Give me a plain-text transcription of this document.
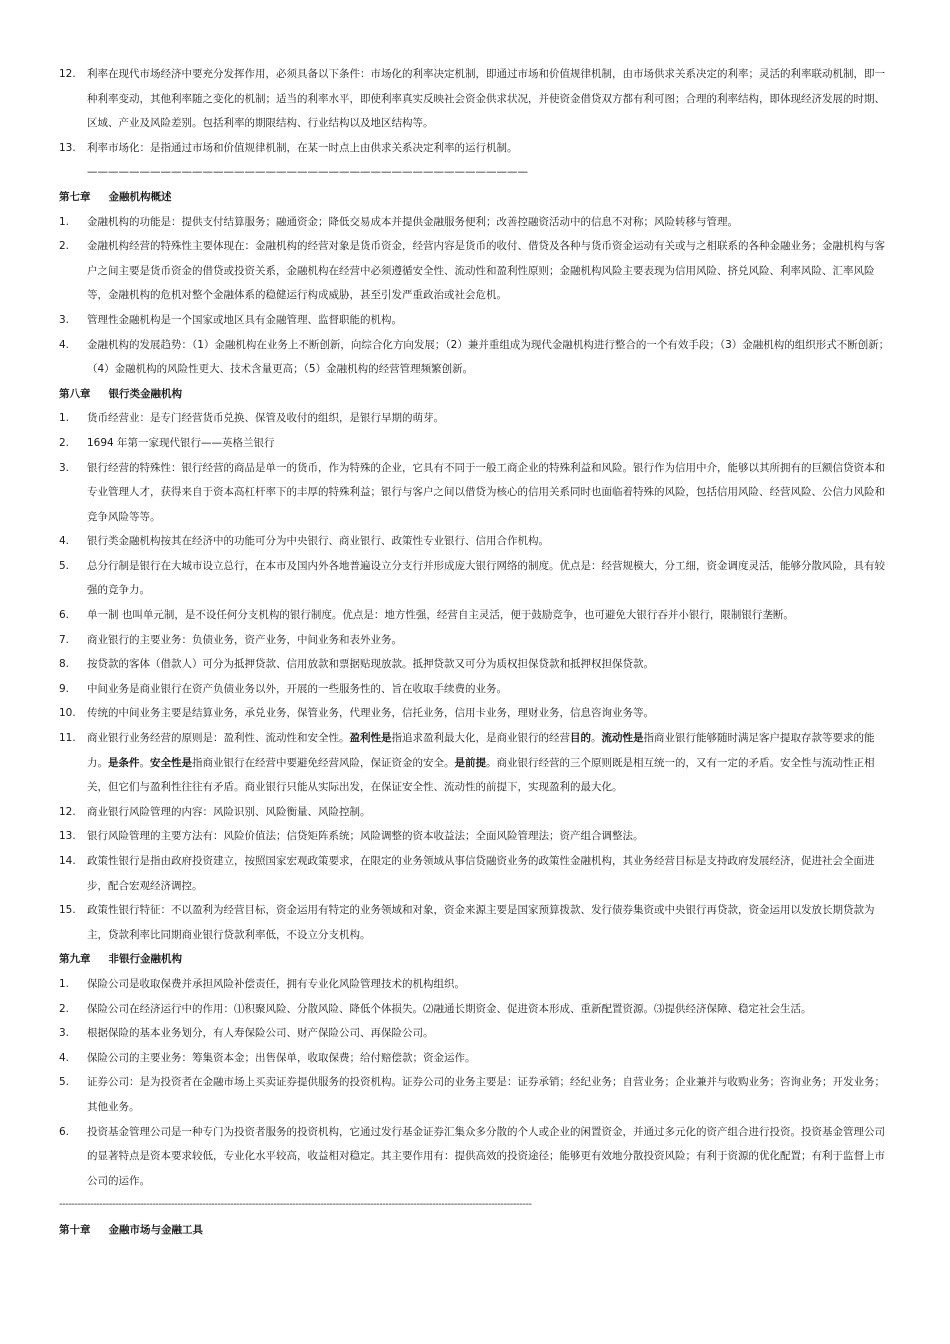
12. 利率在现代市场经济中要充分发挥作用，必须具备以下条件：市场化的利率决定机制，即通过市场和价值规律机制，由市场供求关系决定的利率；灵活的利率联动机制，即一种利率变动，其他利率随之变化的机制；适当的利率水平，即使利率真实反映社会资金供求状况，并使资金借贷双方都有利可图；合理的利率结构，即体现经济发展的时期、区域、产业及风险差别。包括利率的期限结构、行业结构以及地区结构等。
13. 利率市场化：是指通过市场和价值规律机制，在某一时点上由供求关系决定利率的运行机制。——————————————————————————————————————————
第七章 金融机构概述
1. 金融机构的功能是：提供支付结算服务；融通资金；降低交易成本并提供金融服务便利；改善控融资活动中的信息不对称；风险转移与管理。
2. 金融机构经营的特殊性主要体现在：金融机构的经营对象是货币资金，经营内容是货币的收付、借贷及各种与货币资金运动有关或与之相联系的各种金融业务；金融机构与客户之间主要是货币资金的借贷或投资关系，金融机构在经营中必须遵循安全性、流动性和盈利性原则；金融机构风险主要表现为信用风险、挤兑风险、利率风险、汇率风险等，金融机构的危机对整个金融体系的稳健运行构成威胁，甚至引发严重政治或社会危机。
3. 管理性金融机构是一个国家或地区具有金融管理、监督职能的机构。
4. 金融机构的发展趋势：（1）金融机构在业务上不断创新，向综合化方向发展；（2）兼并重组成为现代金融机构进行整合的一个有效手段；（3）金融机构的组织形式不断创新；（4）金融机构的风险性更大、技术含量更高；（5）金融机构的经营管理频繁创新。
第八章 银行类金融机构
1. 货币经营业：是专门经营货币兑换、保管及收付的组织，是银行早期的萌芽。
2. 1694 年第一家现代银行——英格兰银行
3. 银行经营的特殊性：银行经营的商品是单一的货币，作为特殊的企业，它具有不同于一般工商企业的特殊利益和风险。银行作为信用中介，能够以其所拥有的巨额信贷资本和专业管理人才，获得来自于资本高杠杆率下的丰厚的特殊利益；银行与客户之间以借贷为核心的信用关系同时也面临着特殊的风险，包括信用风险、经营风险、公信力风险和竞争风险等等。
4. 银行类金融机构按其在经济中的功能可分为中央银行、商业银行、政策性专业银行、信用合作机构。
5. 总分行制是银行在大城市设立总行，在本市及国内外各地普遍设立分支行并形成庞大银行网络的制度。优点是：经营规模大，分工细，资金调度灵活，能够分散风险，具有较强的竞争力。
6. 单一制 也叫单元制，是不设任何分支机构的银行制度。优点是：地方性强，经营自主灵活，便于鼓励竞争，也可避免大银行吞并小银行，限制银行垄断。
7. 商业银行的主要业务：负债业务，资产业务，中间业务和表外业务。
8. 按贷款的客体（借款人）可分为抵押贷款、信用放款和票据贴现放款。抵押贷款又可分为质权担保贷款和抵押权担保贷款。
9. 中间业务是商业银行在资产负债业务以外，开展的一些服务性的、旨在收取手续费的业务。
10. 传统的中间业务主要是结算业务，承兑业务，保管业务，代理业务，信托业务，信用卡业务，理财业务，信息咨询业务等。
11. 商业银行业务经营的原则是：盈利性、流动性和安全性。盈利性是指追求盈利最大化，是商业银行的经营目的。流动性是指商业银行能够随时满足客户提取存款等要求的能力。是条件。安全性是指商业银行在经营中要避免经营风险，保证资金的安全。是前提。商业银行经营的三个原则既是相互统一的，又有一定的矛盾。安全性与流动性正相关，但它们与盈利性往往有矛盾。商业银行只能从实际出发，在保证安全性、流动性的前提下，实现盈利的最大化。
12. 商业银行风险管理的内容：风险识别、风险衡量、风险控制。
13. 银行风险管理的主要方法有：风险价值法；信贷矩阵系统；风险调整的资本收益法；全面风险管理法；资产组合调整法。
14. 政策性银行是指由政府投资建立，按照国家宏观政策要求，在限定的业务领域从事信贷融资业务的政策性金融机构，其业务经营目标是支持政府发展经济，促进社会全面进步，配合宏观经济调控。
15. 政策性银行特征：不以盈利为经营目标，资金运用有特定的业务领域和对象，资金来源主要是国家预算拨款、发行债券集资或中央银行再贷款，资金运用以发放长期贷款为主，贷款利率比同期商业银行贷款利率低，不设立分支机构。
第九章 非银行金融机构
1. 保险公司是收取保费并承担风险补偿责任，拥有专业化风险管理技术的机构组织。
2. 保险公司在经济运行中的作用：⑴积聚风险、分散风险、降低个体损失。⑵融通长期资金、促进资本形成、重新配置资源。⑶提供经济保障、稳定社会生活。
3. 根据保险的基本业务划分，有人寿保险公司、财产保险公司、再保险公司。
4. 保险公司的主要业务：筹集资本金；出售保单，收取保费；给付赔偿款；资金运作。
5. 证券公司：是为投资者在金融市场上买卖证券提供服务的投资机构。证券公司的业务主要是：证券承销；经纪业务；自营业务；企业兼并与收购业务；咨询业务；开发业务；其他业务。
6. 投资基金管理公司是一种专门为投资者服务的投资机构，它通过发行基金证券汇集众多分散的个人或企业的闲置资金，并通过多元化的资产组合进行投资。投资基金管理公司的显著特点是资本要求较低，专业化水平较高，收益相对稳定。其主要作用有：提供高效的投资途径；能够更有效地分散投资风险；有利于资源的优化配置；有利于监督上市公司的运作。
--------------------------------------------------------------------------------------------------------------------------------------------------------
第十章 金融市场与金融工具
